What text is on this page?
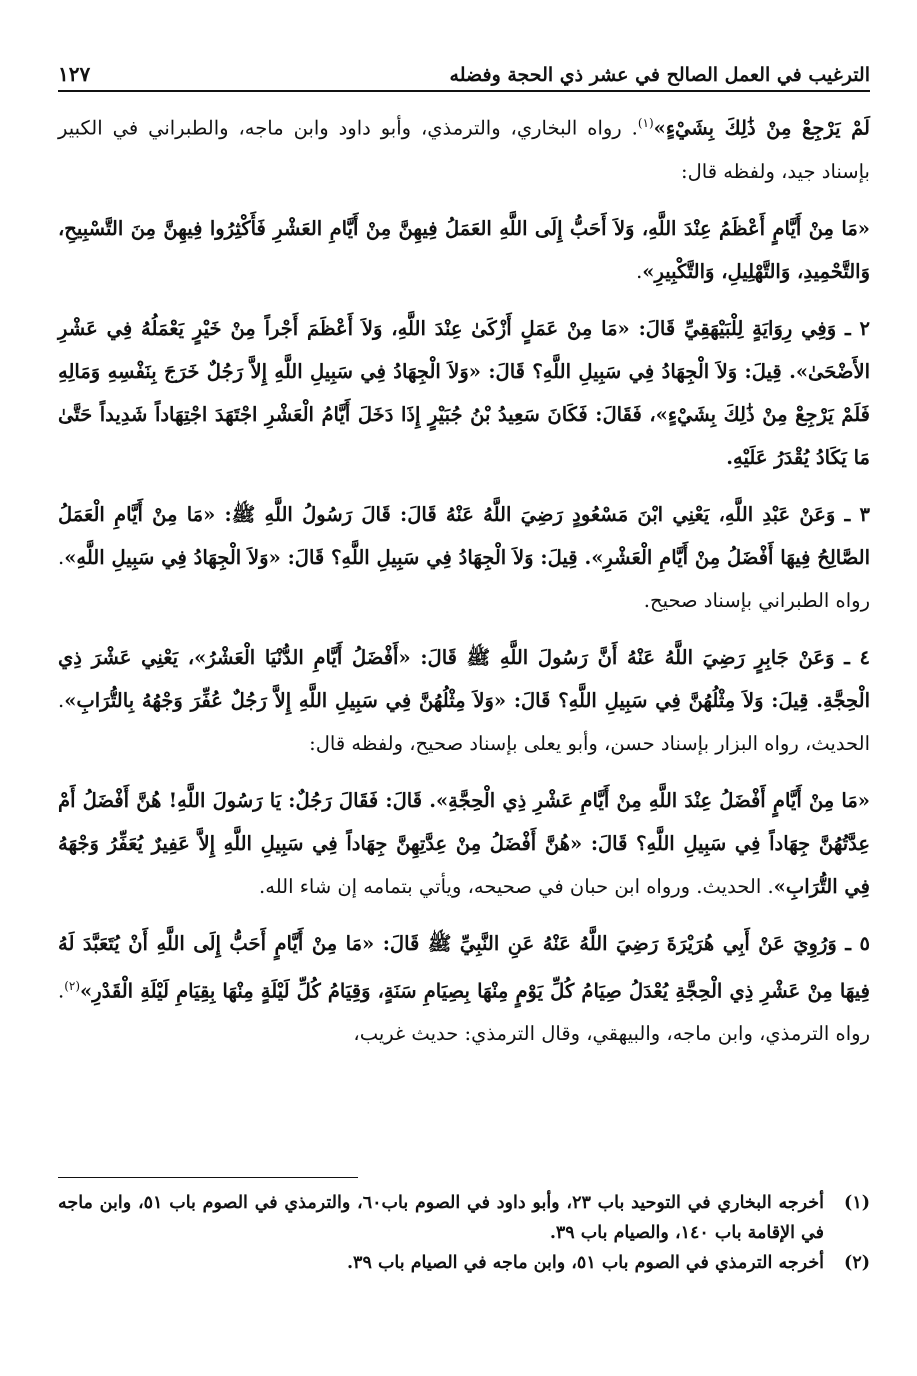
الترغيب في العمل الصالح في عشر ذي الحجة وفضله
١٢٧

لَمْ يَرْجِعْ مِنْ ذَٰلِكَ بِشَيْءٍ»$^{(١)}$. رواه البخاري، والترمذي، وأبو داود وابن ماجه، والطبراني في الكبير بإسناد جيد، ولفظه قال:

«مَا مِنْ أَيَّامٍ أَعْظَمُ عِنْدَ اللَّهِ، وَلاَ أَحَبُّ إِلَى اللَّهِ العَمَلُ فِيهِنَّ مِنْ أَيَّامِ العَشْرِ فَأَكْثِرُوا فِيهِنَّ مِنَ التَّسْبِيحِ، وَالتَّحْمِيدِ، وَالتَّهْلِيلِ، وَالتَّكْبِيرِ».

٢ ـ وَفِي رِوَايَةٍ لِلْبَيْهَقِيِّ قَالَ: «مَا مِنْ عَمَلٍ أَزْكَىٰ عِنْدَ اللَّهِ، وَلاَ أَعْظَمَ أَجْراً مِنْ خَيْرٍ يَعْمَلُهُ فِي عَشْرِ الأَضْحَىٰ». قِيلَ: وَلاَ الْجِهَادُ فِي سَبِيلِ اللَّهِ؟ قَالَ: «وَلاَ الْجِهَادُ فِي سَبِيلِ اللَّهِ إِلاَّ رَجُلٌ خَرَجَ بِنَفْسِهِ وَمَالِهِ فَلَمْ يَرْجِعْ مِنْ ذَٰلِكَ بِشَيْءٍ»، فَقَالَ: فَكَانَ سَعِيدُ بْنُ جُبَيْرٍ إِذَا دَخَلَ أَيَّامُ الْعَشْرِ اجْتَهَدَ اجْتِهَاداً شَدِيداً حَتَّىٰ مَا يَكَادُ يُقْدَرُ عَلَيْهِ.

٣ ـ وَعَنْ عَبْدِ اللَّهِ، يَعْنِي ابْنَ مَسْعُودٍ رَضِيَ اللَّهُ عَنْهُ قَالَ: قَالَ رَسُولُ اللَّهِ ﷺ: «مَا مِنْ أَيَّامِ الْعَمَلُ الصَّالِحُ فِيهَا أَفْضَلُ مِنْ أَيَّامِ الْعَشْرِ». قِيلَ: وَلاَ الْجِهَادُ فِي سَبِيلِ اللَّهِ؟ قَالَ: «وَلاَ الْجِهَادُ فِي سَبِيلِ اللَّهِ». رواه الطبراني بإسناد صحيح.

٤ ـ وَعَنْ جَابِرٍ رَضِيَ اللَّهُ عَنْهُ أَنَّ رَسُولَ اللَّهِ ﷺ قَالَ: «أَفْضَلُ أَيَّامِ الدُّنْيَا الْعَشْرُ»، يَعْنِي عَشْرَ ذِي الْحِجَّةِ. قِيلَ: وَلاَ مِثْلُهُنَّ فِي سَبِيلِ اللَّهِ؟ قَالَ: «وَلاَ مِثْلُهُنَّ فِي سَبِيلِ اللَّهِ إِلاَّ رَجُلٌ عُفِّرَ وَجْهُهُ بِالتُّرَابِ». الحديث، رواه البزار بإسناد حسن، وأبو يعلى بإسناد صحيح، ولفظه قال:

«مَا مِنْ أَيَّامٍ أَفْضَلُ عِنْدَ اللَّهِ مِنْ أَيَّامِ عَشْرِ ذِي الْحِجَّةِ». قَالَ: فَقَالَ رَجُلٌ: يَا رَسُولَ اللَّهِ! هُنَّ أَفْضَلُ أَمْ عِدَّتُهُنَّ جِهَاداً فِي سَبِيلِ اللَّهِ؟ قَالَ: «هُنَّ أَفْضَلُ مِنْ عِدَّتِهِنَّ جِهَاداً فِي سَبِيلِ اللَّهِ إِلاَّ عَفِيرٌ يُعَفِّرُ وَجْهَهُ فِي التُّرَابِ». الحديث. ورواه ابن حبان في صحيحه، ويأتي بتمامه إن شاء الله.

٥ ـ وَرُوِيَ عَنْ أَبِي هُرَيْرَةَ رَضِيَ اللَّهُ عَنْهُ عَنِ النَّبِيِّ ﷺ قَالَ: «مَا مِنْ أَيَّامٍ أَحَبُّ إِلَى اللَّهِ أَنْ يُتَعَبَّدَ لَهُ فِيهَا مِنْ عَشْرِ ذِي الْحِجَّةِ يُعْدَلُ صِيَامُ كُلِّ يَوْمٍ مِنْهَا بِصِيَامِ سَنَةٍ، وَقِيَامُ كُلِّ لَيْلَةٍ مِنْهَا بِقِيَامِ لَيْلَةِ الْقَدْرِ»$^{(٢)}$. رواه الترمذي، وابن ماجه، والبيهقي، وقال الترمذي: حديث غريب،

(١)
أخرجه البخاري في التوحيد باب ٢٣، وأبو داود في الصوم باب٦٠، والترمذي في الصوم باب ٥١، وابن ماجه في الإقامة باب ١٤٠، والصيام باب ٣٩.

(٢)
أخرجه الترمذي في الصوم باب ٥١، وابن ماجه في الصيام باب ٣٩.
